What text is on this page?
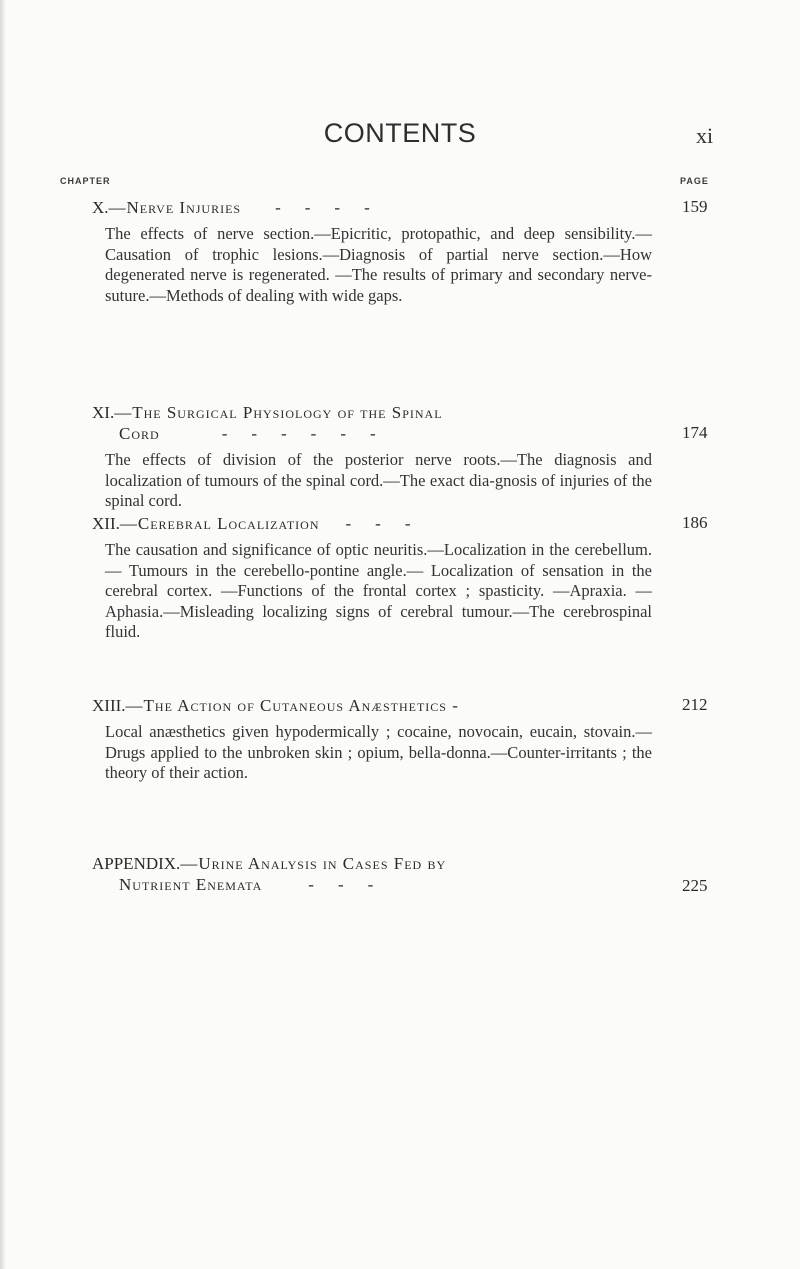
CONTENTS	xi
CHAPTER	PAGE
X.—Nerve Injuries ----	159
The effects of nerve section.—Epicritic, protopathic, and deep sensibility.—Causation of trophic lesions.—Diagnosis of partial nerve section.—How degenerated nerve is regenerated. —The results of primary and secondary nerve-suture.—Methods of dealing with wide gaps.
XI.—The Surgical Physiology of the Spinal
Cord	------	174
The effects of division of the posterior nerve roots.—The diagnosis and localization of tumours of the spinal cord.—The exact dia-gnosis of injuries of the spinal cord.
XII.—Cerebral Localization ---	186
The causation and significance of optic neuritis.—Localization in the cerebellum.— Tumours in the cerebello-pontine angle.— Localization of sensation in the cerebral cortex. —Functions of the frontal cortex ; spasticity. —Apraxia. — Aphasia.—Misleading localizing signs of cerebral tumour.—The cerebrospinal fluid.
XIII.—The Action of Cutaneous Anæsthetics -	212
Local anæsthetics given hypodermically ; cocaine, novocain, eucain, stovain.—Drugs applied to the unbroken skin ; opium, bella-donna.—Counter-irritants ; the theory of their action.
APPENDIX.—Urine Analysis in Cases Fed by
Nutrient Enemata	---	225
